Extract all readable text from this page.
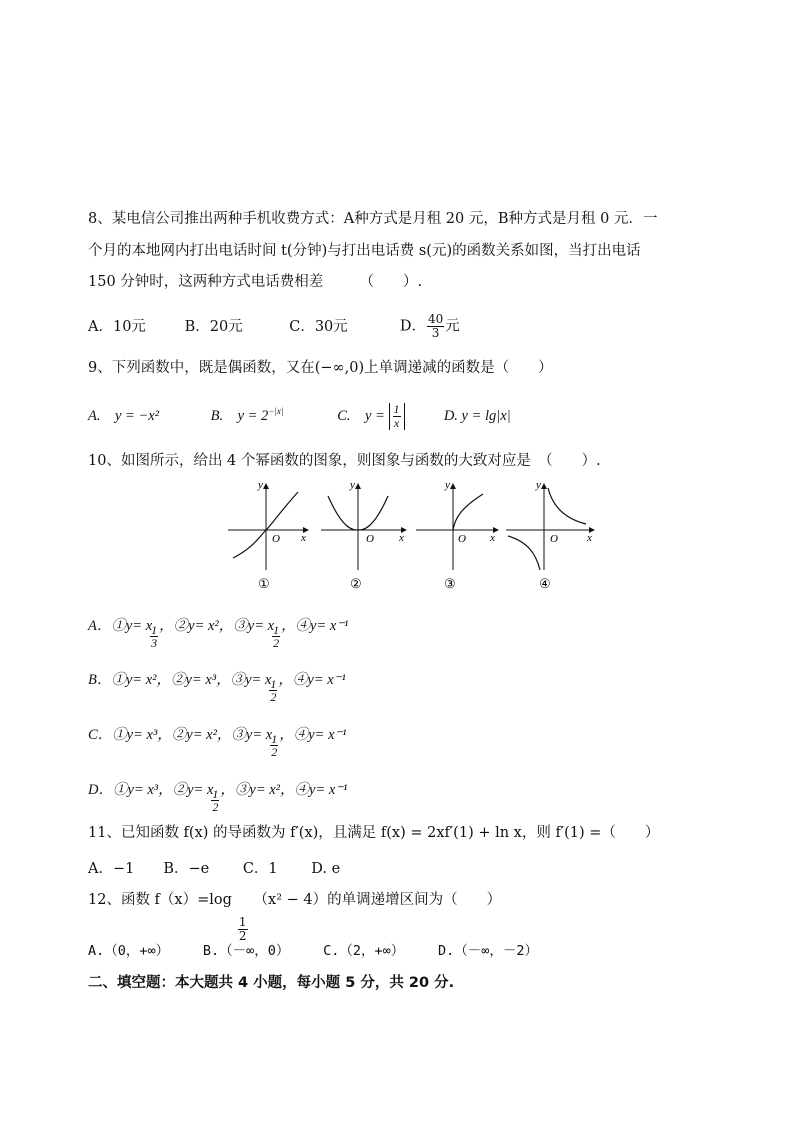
8、某电信公司推出两种手机收费方式：A种方式是月租 20 元，B种方式是月租 0 元．一
个月的本地网内打出电话时间 t(分钟)与打出电话费 s(元)的函数关系如图，当打出电话
150 分钟时，这两种方式电话费相差　　　（　　）.
A．10元	B．20元	C．30元	D． $\frac{40}{3}$ 元
9、下列函数中，既是偶函数，又在(−∞,0)上单调递减的函数是（　　）
A.　y = −x²	B.　$y = 2^{-|x|}$	C.　$y = \frac{1}{x}$	D. y = lg|x|
10、如图所示，给出 4 个幂函数的图象，则图象与函数的大致对应是　（　　）.
y
x
O
①
y
x
O
②
y
x
O
③
y
x
O
④
A．①y= x
$\frac{1}{3}$ ，②y= x²，③y= x
$\frac{1}{2}$ ，④y= x⁻¹
B．①y= x²，②y= x³，③y= x
$\frac{1}{2}$ ，④y= x⁻¹
C．①y= x³，②y= x²，③y= x
$\frac{1}{2}$ ，④y= x⁻¹
D．①y= x³，②y= x
$\frac{1}{2}$ ，③y= x²，④y= x⁻¹
11、已知函数 f(x) 的导函数为 f′(x)，且满足 f(x) = 2xf′(1) + ln x，则 f′(1) =（　　）
A．−1　　B．−e　　 C．1　　 D. e
12、函数 f（x）=log
$\frac{1}{2}$
（x² − 4）的单调递增区间为（　　）
A.（0，+∞）　　　B.（－∞，0）　　　C.（2，+∞）　　　D.（－∞，－2）
二、填空题：本大题共 4 小题，每小题 5 分，共 20 分.
